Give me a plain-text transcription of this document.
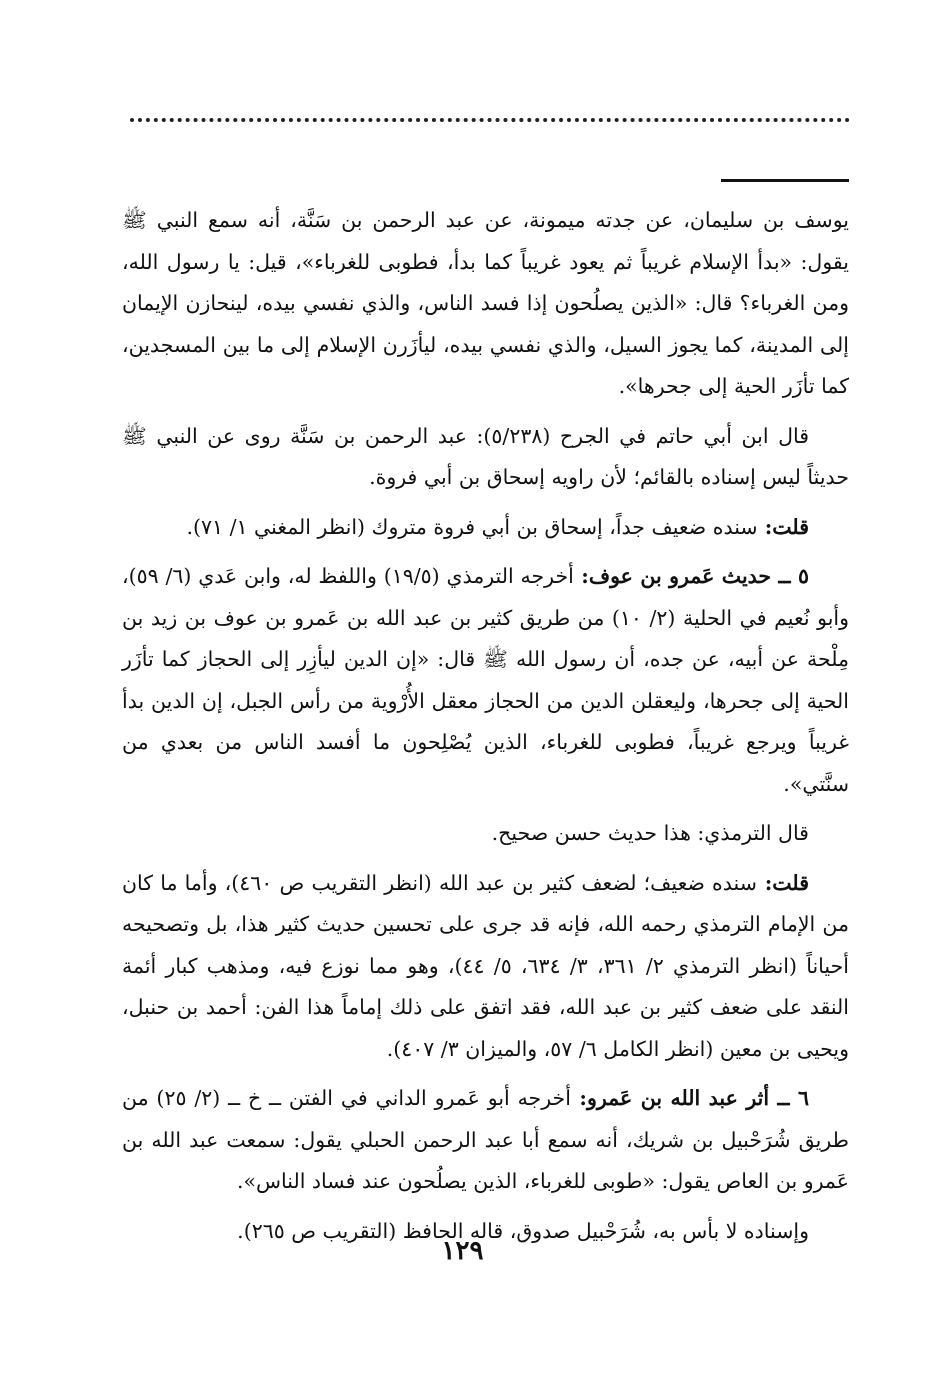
يوسف بن سليمان، عن جدته ميمونة، عن عبد الرحمن بن سَنَّة، أنه سمع النبي ﷺ يقول: «بدأ الإسلام غريباً ثم يعود غريباً كما بدأ، فطوبى للغرباء»، قيل: يا رسول الله، ومن الغرباء؟ قال: «الذين يصلُحون إذا فسد الناس، والذي نفسي بيده، لينحازن الإيمان إلى المدينة، كما يجوز السيل، والذي نفسي بيده، ليأزَرن الإسلام إلى ما بين المسجدين، كما تأزَر الحية إلى جحرها».

قال ابن أبي حاتم في الجرح (٥/٢٣٨): عبد الرحمن بن سَنَّة روى عن النبي ﷺ حديثاً ليس إسناده بالقائم؛ لأن راويه إسحاق بن أبي فروة.

قلت: سنده ضعيف جداً، إسحاق بن أبي فروة متروك (انظر المغني ١/ ٧١).

٥ ــ حديث عَمرو بن عوف: أخرجه الترمذي (١٩/٥) واللفظ له، وابن عَدي (٦/ ٥٩)، وأبو نُعيم في الحلية (٢/ ١٠) من طريق كثير بن عبد الله بن عَمرو بن عوف بن زيد بن مِلْحة عن أبيه، عن جده، أن رسول الله ﷺ قال: «إن الدين ليأزِر إلى الحجاز كما تأزَر الحية إلى جحرها، وليعقلن الدين من الحجاز معقل الأُرْوية من رأس الجبل، إن الدين بدأ غريباً ويرجع غريباً، فطوبى للغرباء، الذين يُصْلِحون ما أفسد الناس من بعدي من سنَّتي».

قال الترمذي: هذا حديث حسن صحيح.

قلت: سنده ضعيف؛ لضعف كثير بن عبد الله (انظر التقريب ص ٤٦٠)، وأما ما كان من الإمام الترمذي رحمه الله، فإنه قد جرى على تحسين حديث كثير هذا، بل وتصحيحه أحياناً (انظر الترمذي ٢/ ٣٦١، ٣/ ٦٣٤، ٥/ ٤٤)، وهو مما نوزع فيه، ومذهب كبار أئمة النقد على ضعف كثير بن عبد الله، فقد اتفق على ذلك إماماً هذا الفن: أحمد بن حنبل، ويحيى بن معين (انظر الكامل ٦/ ٥٧، والميزان ٣/ ٤٠٧).

٦ ــ أثر عبد الله بن عَمرو: أخرجه أبو عَمرو الداني في الفتن ــ خ ــ (٢/ ٢٥) من طريق شُرَحْبيل بن شريك، أنه سمع أبا عبد الرحمن الحبلي يقول: سمعت عبد الله بن عَمرو بن العاص يقول: «طوبى للغرباء، الذين يصلُحون عند فساد الناس».

وإسناده لا بأس به، شُرَحْبيل صدوق، قاله الحافظ (التقريب ص ٢٦٥).

١٢٩
